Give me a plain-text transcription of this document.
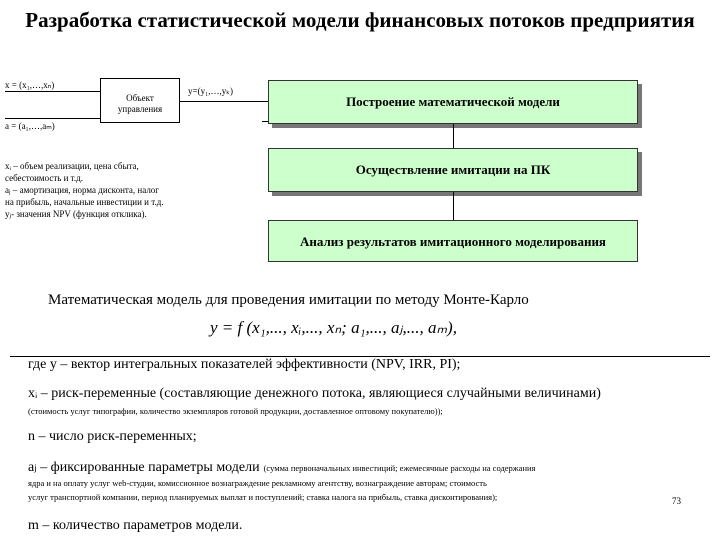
Разработка статистической модели финансовых потоков предприятия
x = (x₁,…,xₙ)
a = (a₁,…,aₘ)
Объект
управления
y=(y₁,…,yₖ)
Построение математической модели
Осуществление имитации на ПК
Анализ результатов имитационного моделирования
xᵢ – объем реализации, цена сбыта,
себестоимость и т.д.
aⱼ – амортизация, норма дисконта, налог
на прибыль, начальные инвестиции и т.д.
yⱼ- значения NPV (функция отклика).
Математическая модель для проведения имитации по методу Монте-Карло
y = f (x₁,..., xᵢ,..., xₙ; a₁,..., aⱼ,..., aₘ),
где y – вектор интегральных показателей эффективности (NPV, IRR, PI);
xᵢ – риск-переменные (составляющие денежного потока, являющиеся случайными величинами)
(стоимость услуг типографии, количество экземпляров готовой продукции, доставленное оптовому покупателю));
n – число риск-переменных;
aⱼ – фиксированные параметры модели (сумма первоначальных инвестиций; ежемесячные расходы на содержания
ядра и на оплату услуг web-студии, комиссионное вознаграждение рекламному агентству, вознаграждение авторам; стоимость
услуг транспортной компании, период планируемых выплат и поступлений; ставка налога на прибыль, ставка дисконтирования);	73
m – количество параметров модели.
